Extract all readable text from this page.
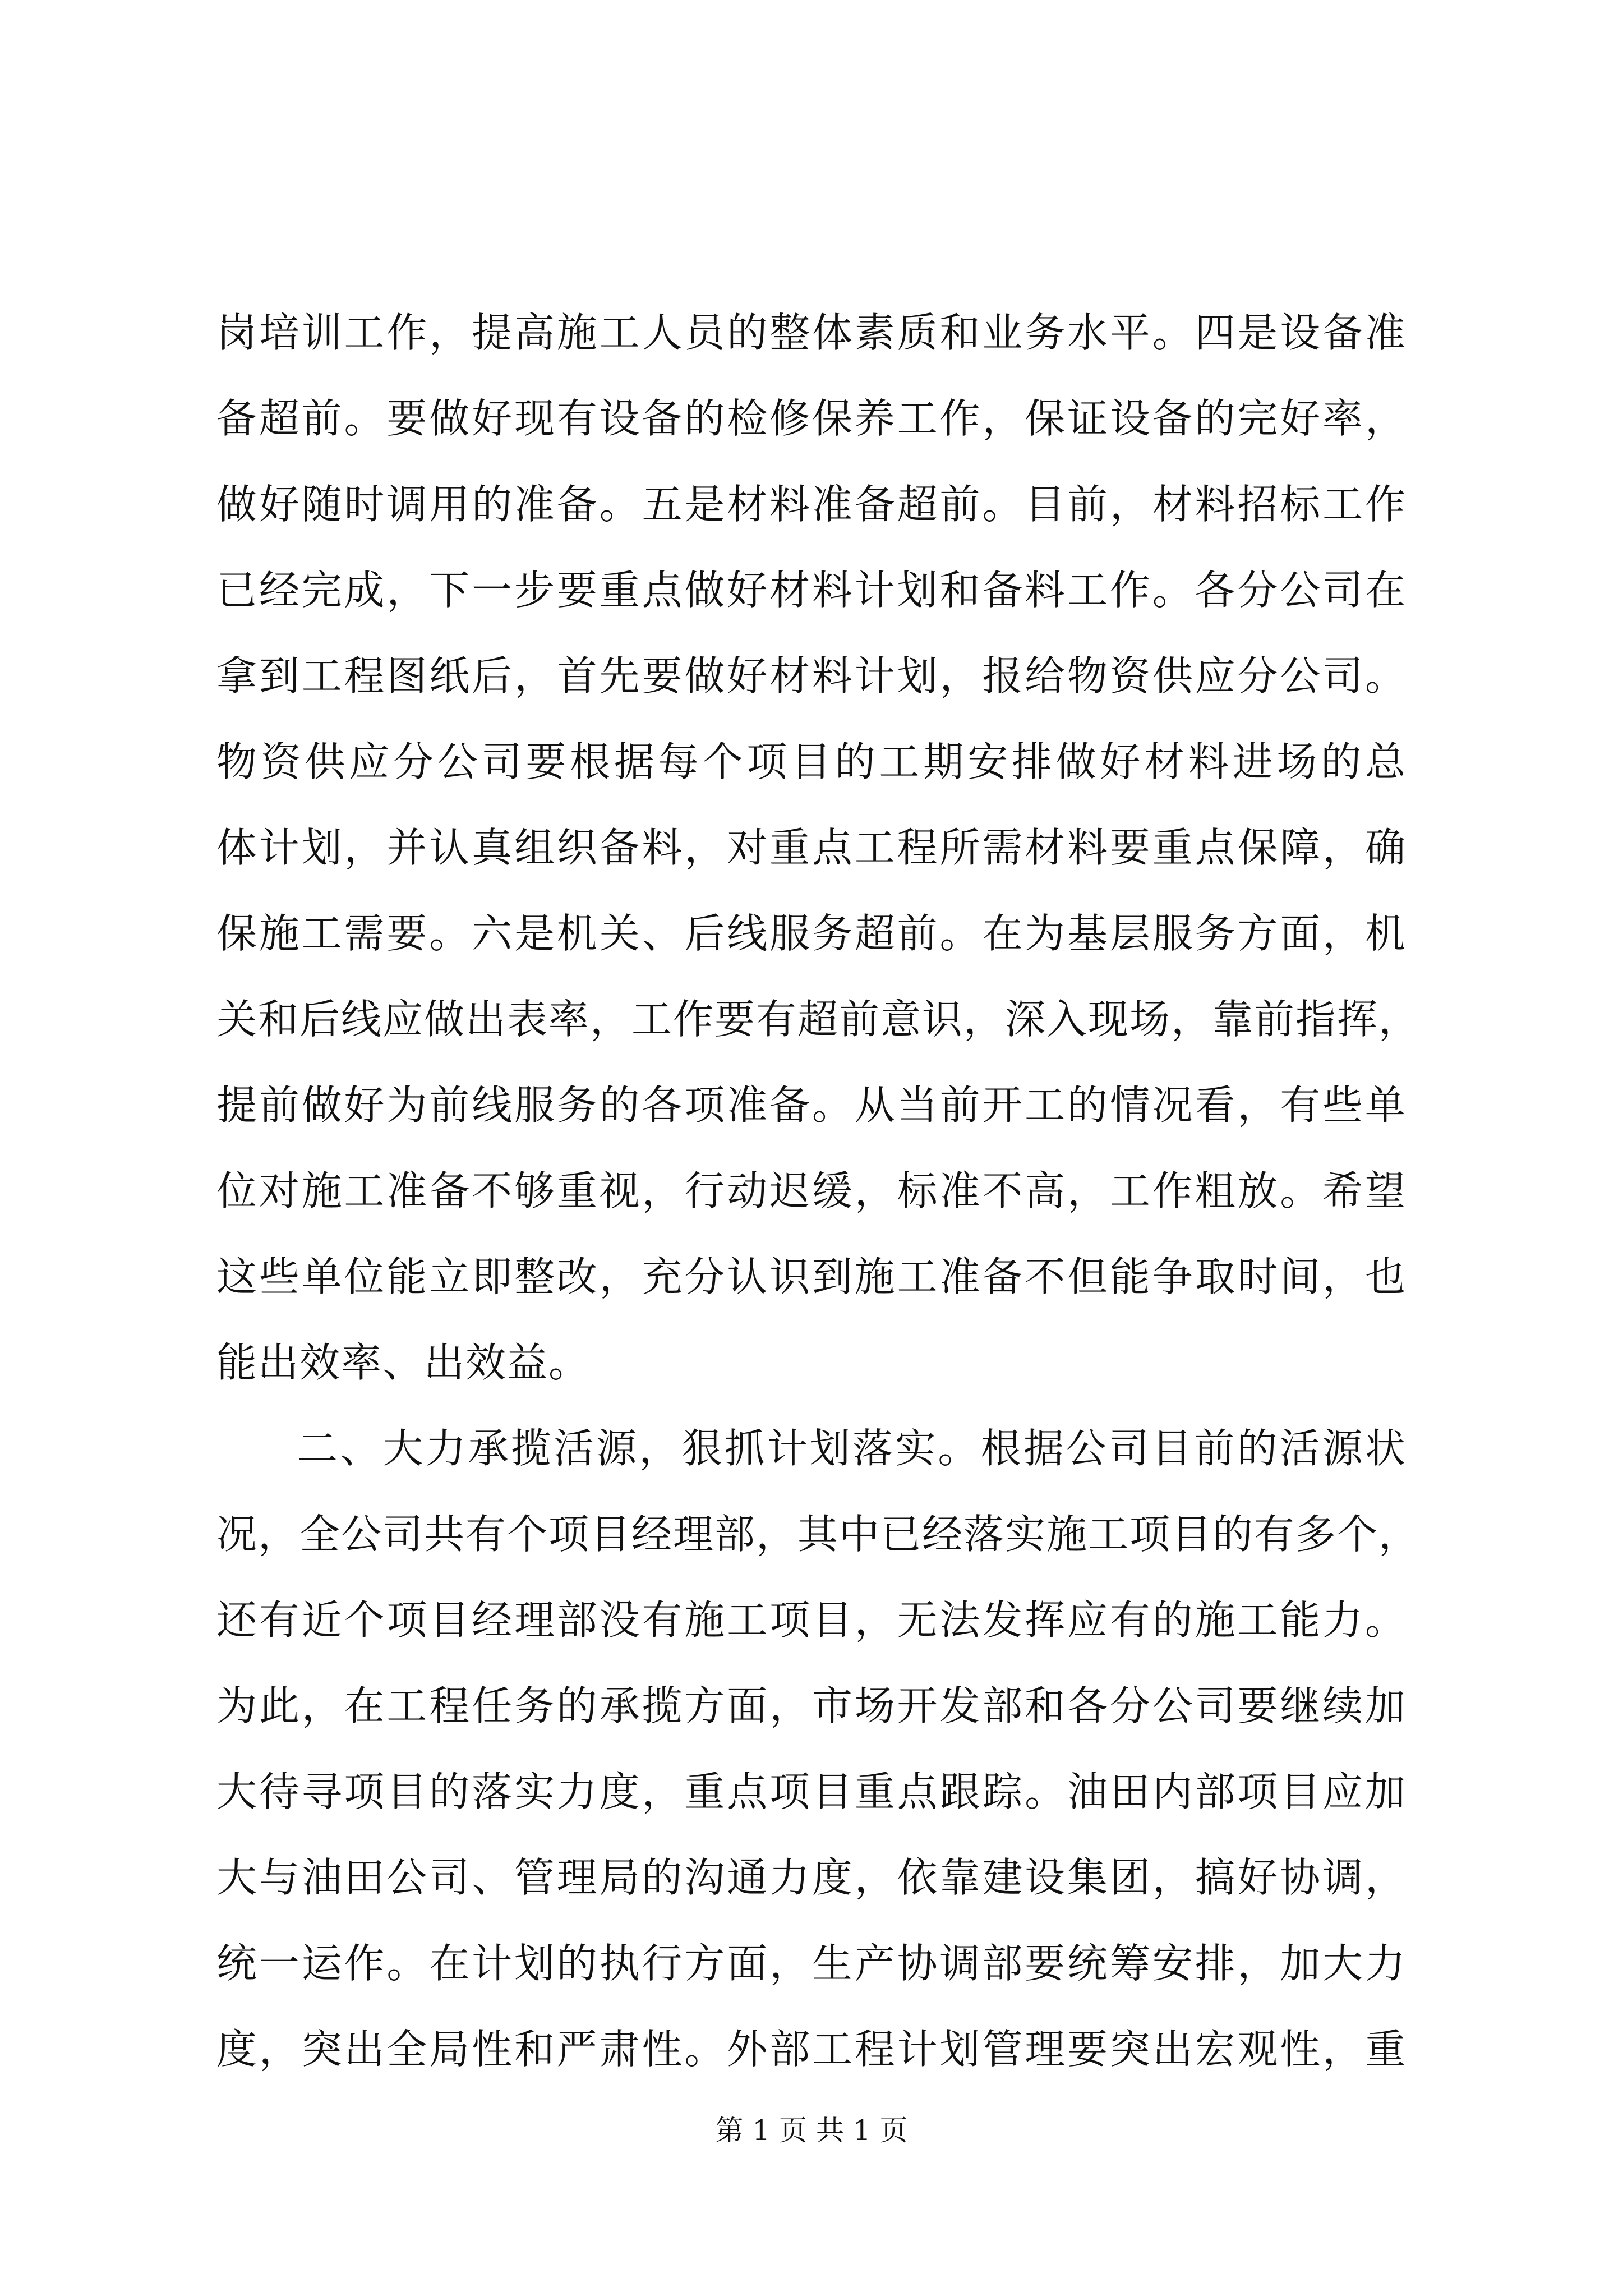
岗培训工作，提高施工人员的整体素质和业务水平。四是设备准
备超前。要做好现有设备的检修保养工作，保证设备的完好率，
做好随时调用的准备。五是材料准备超前。目前，材料招标工作
已经完成，下一步要重点做好材料计划和备料工作。各分公司在
拿到工程图纸后，首先要做好材料计划，报给物资供应分公司。
物资供应分公司要根据每个项目的工期安排做好材料进场的总
体计划，并认真组织备料，对重点工程所需材料要重点保障，确
保施工需要。六是机关、后线服务超前。在为基层服务方面，机
关和后线应做出表率，工作要有超前意识，深入现场，靠前指挥，
提前做好为前线服务的各项准备。从当前开工的情况看，有些单
位对施工准备不够重视，行动迟缓，标准不高，工作粗放。希望
这些单位能立即整改，充分认识到施工准备不但能争取时间，也
能出效率、出效益。
二、大力承揽活源，狠抓计划落实。根据公司目前的活源状
况，全公司共有个项目经理部，其中已经落实施工项目的有多个，
还有近个项目经理部没有施工项目，无法发挥应有的施工能力。
为此，在工程任务的承揽方面，市场开发部和各分公司要继续加
大待寻项目的落实力度，重点项目重点跟踪。油田内部项目应加
大与油田公司、管理局的沟通力度，依靠建设集团，搞好协调，
统一运作。在计划的执行方面，生产协调部要统筹安排，加大力
度，突出全局性和严肃性。外部工程计划管理要突出宏观性，重
第 1 页 共 1 页
